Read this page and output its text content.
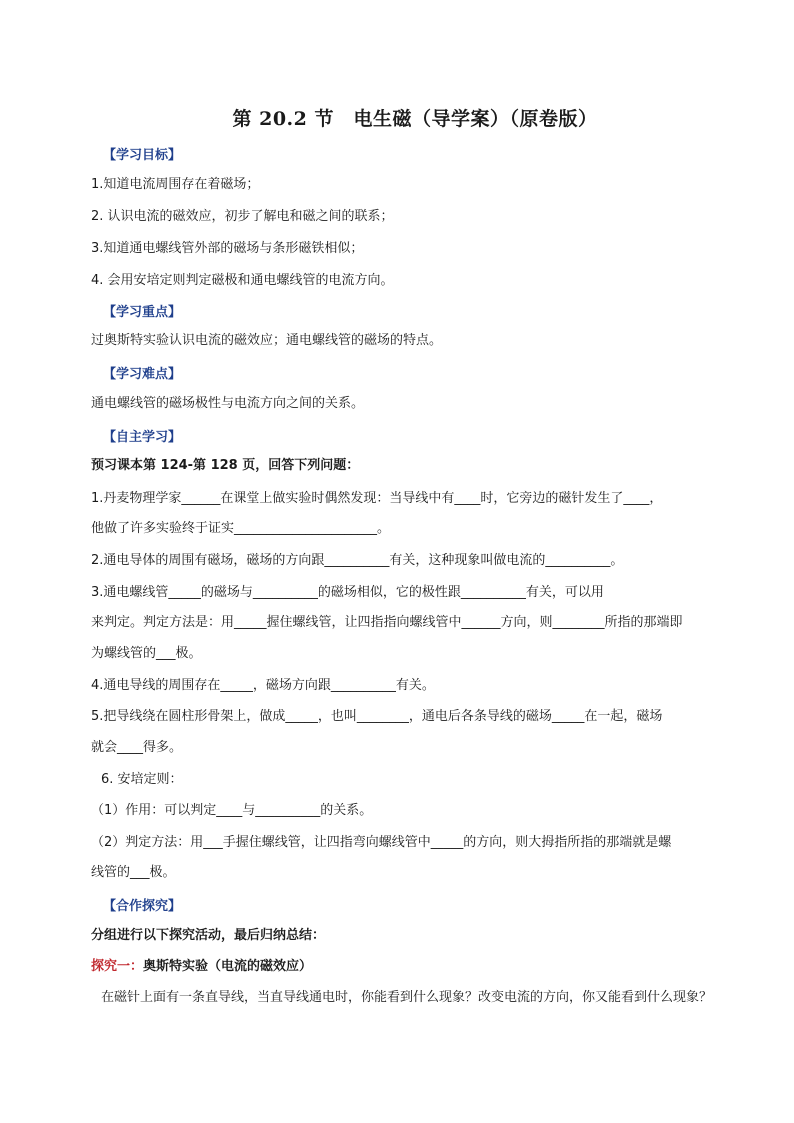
第 20.2 节　电生磁（导学案）（原卷版）
【学习目标】
1.知道电流周围存在着磁场；
2. 认识电流的磁效应，初步了解电和磁之间的联系；
3.知道通电螺线管外部的磁场与条形磁铁相似；
4. 会用安培定则判定磁极和通电螺线管的电流方向。
【学习重点】
过奥斯特实验认识电流的磁效应；通电螺线管的磁场的特点。
【学习难点】
通电螺线管的磁场极性与电流方向之间的关系。
【自主学习】
预习课本第 124-第 128 页，回答下列问题：
1.丹麦物理学家______在课堂上做实验时偶然发现：当导线中有____时，它旁边的磁针发生了____，
他做了许多实验终于证实______________________。
2.通电导体的周围有磁场，磁场的方向跟__________有关，这种现象叫做电流的__________。
3.通电螺线管_____的磁场与__________的磁场相似，它的极性跟__________有关，可以用
来判定。判定方法是：用_____握住螺线管，让四指指向螺线管中______方向，则________所指的那端即
为螺线管的___极。
4.通电导线的周围存在_____，磁场方向跟__________有关。
5.把导线绕在圆柱形骨架上，做成_____，也叫________，通电后各条导线的磁场_____在一起，磁场
就会____得多。
6. 安培定则：
（1）作用：可以判定____与__________的关系。
（2）判定方法：用___手握住螺线管，让四指弯向螺线管中_____的方向，则大拇指所指的那端就是螺
线管的___极。
【合作探究】
分组进行以下探究活动，最后归纳总结：
探究一：奥斯特实验（电流的磁效应）
在磁针上面有一条直导线，当直导线通电时，你能看到什么现象？改变电流的方向，你又能看到什么现象？
